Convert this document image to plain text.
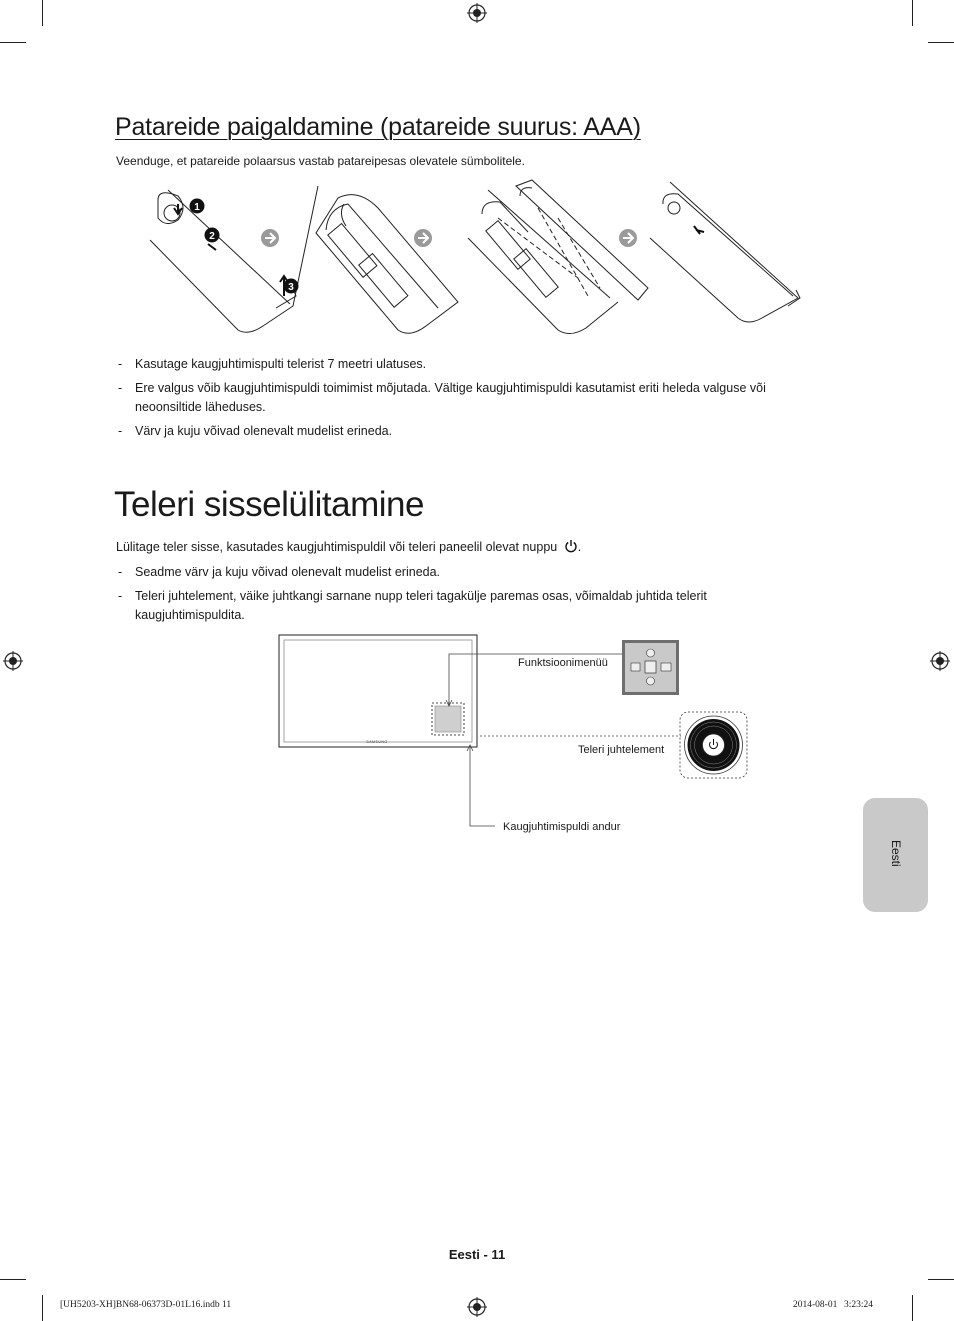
Patareide paigaldamine (patareide suurus: AAA)
Veenduge, et patareide polaarsus vastab patareipesas olevatele sümbolitele.
1
2
3
- Kasutage kaugjuhtimispulti telerist 7 meetri ulatuses.
- Ere valgus võib kaugjuhtimispuldi toimimist mõjutada. Vältige kaugjuhtimispuldi kasutamist eriti heleda valguse või neoonsiltide läheduses.
- Värv ja kuju võivad olenevalt mudelist erineda.
Teleri sisselülitamine
Lülitage teler sisse, kasutades kaugjuhtimispuldil või teleri paneelil olevat nuppu .
- Seadme värv ja kuju võivad olenevalt mudelist erineda.
- Teleri juhtelement, väike juhtkangi sarnane nupp teleri tagakülje paremas osas, võimaldab juhtida telerit kaugjuhtimispuldita.
SAMSUNG
Funktsioonimenüü
Teleri juhtelement
Kaugjuhtimispuldi andur
Eesti
Eesti - 11
[UH5203-XH]BN68-06373D-01L16.indb 11	2014-08-01   3:23:24
